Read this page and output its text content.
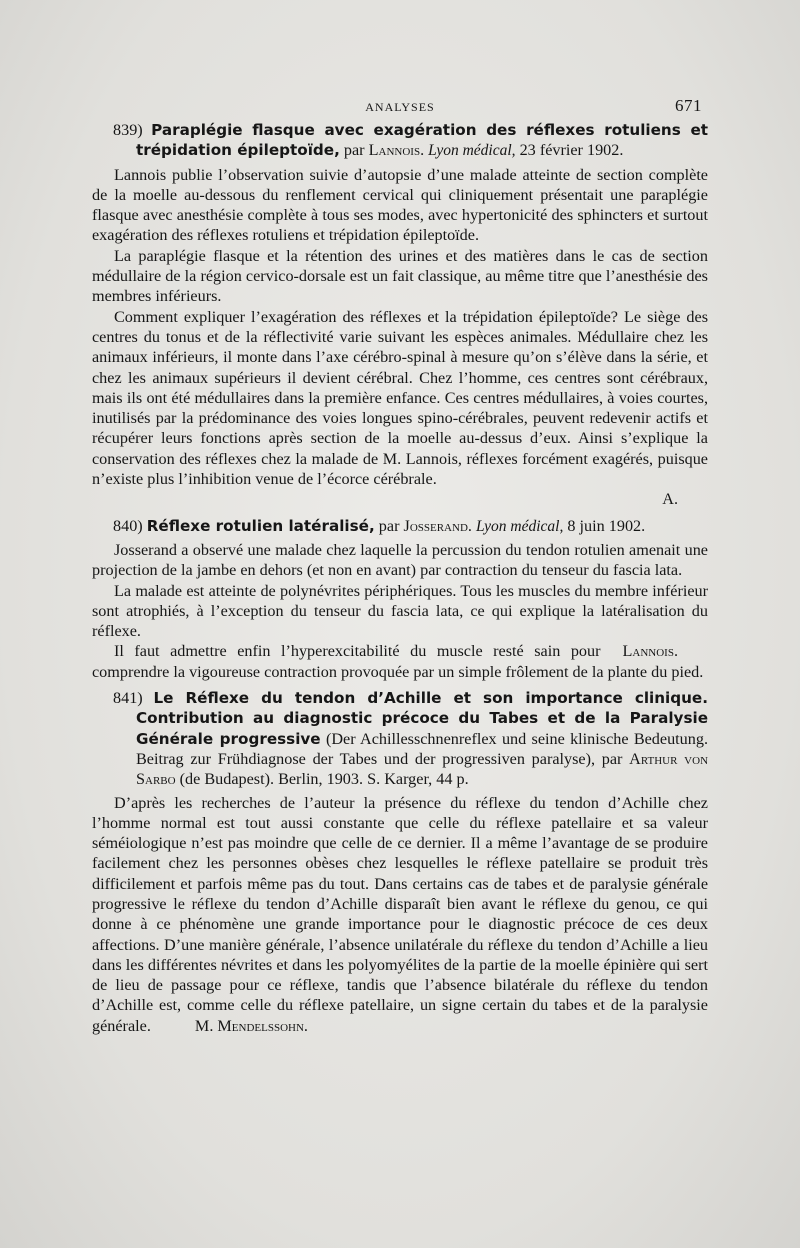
ANALYSES	671

839) Paraplégie flasque avec exagération des réflexes rotuliens et trépidation épileptoïde, par Lannois. Lyon médical, 23 février 1902.

Lannois publie l’observation suivie d’autopsie d’une malade atteinte de section complète de la moelle au-dessous du renflement cervical qui cliniquement présentait une paraplégie flasque avec anesthésie complète à tous ses modes, avec hypertonicité des sphincters et surtout exagération des réflexes rotuliens et trépidation épileptoïde.

La paraplégie flasque et la rétention des urines et des matières dans le cas de section médullaire de la région cervico-dorsale est un fait classique, au même titre que l’anesthésie des membres inférieurs.

Comment expliquer l’exagération des réflexes et la trépidation épileptoïde? Le siège des centres du tonus et de la réflectivité varie suivant les espèces animales. Médullaire chez les animaux inférieurs, il monte dans l’axe cérébro-spinal à mesure qu’on s’élève dans la série, et chez les animaux supérieurs il devient cérébral. Chez l’homme, ces centres sont cérébraux, mais ils ont été médullaires dans la première enfance. Ces centres médullaires, à voies courtes, inutilisés par la prédominance des voies longues spino-cérébrales, peuvent redevenir actifs et récupérer leurs fonctions après section de la moelle au-dessus d’eux. Ainsi s’explique la conservation des réflexes chez la malade de M. Lannois, réflexes forcément exagérés, puisque n’existe plus l’inhibition venue de l’écorce cérébrale.

A.

840) Réflexe rotulien latéralisé, par Josserand. Lyon médical, 8 juin 1902.

Josserand a observé une malade chez laquelle la percussion du tendon rotulien amenait une projection de la jambe en dehors (et non en avant) par contraction du tenseur du fascia lata.

La malade est atteinte de polynévrites périphériques. Tous les muscles du membre inférieur sont atrophiés, à l’exception du tenseur du fascia lata, ce qui explique la latéralisation du réflexe.

Lannois.
Il faut admettre enfin l’hyperexcitabilité du muscle resté sain pour comprendre la vigoureuse contraction provoquée par un simple frôlement de la plante du pied.

841) Le Réflexe du tendon d’Achille et son importance clinique. Contribution au diagnostic précoce du Tabes et de la Paralysie Générale progressive (Der Achillesschnenreflex und seine klinische Bedeutung. Beitrag zur Frühdiagnose der Tabes und der progressiven paralyse), par Arthur von Sarbo (de Budapest). Berlin, 1903. S. Karger, 44 p.

D’après les recherches de l’auteur la présence du réflexe du tendon d’Achille chez l’homme normal est tout aussi constante que celle du réflexe patellaire et sa valeur séméiologique n’est pas moindre que celle de ce dernier. Il a même l’avantage de se produire facilement chez les personnes obèses chez lesquelles le réflexe patellaire se produit très difficilement et parfois même pas du tout. Dans certains cas de tabes et de paralysie générale progressive le réflexe du tendon d’Achille disparaît bien avant le réflexe du genou, ce qui donne à ce phénomène une grande importance pour le diagnostic précoce de ces deux affections. D’une manière générale, l’absence unilatérale du réflexe du tendon d’Achille a lieu dans les différentes névrites et dans les polyomyélites de la partie de la moelle épinière qui sert de lieu de passage pour ce réflexe, tandis que l’absence bilatérale du réflexe du tendon d’Achille est, comme celle du réflexe patellaire, un signe certain du tabes et de la paralysie générale.	M. Mendelssohn.
